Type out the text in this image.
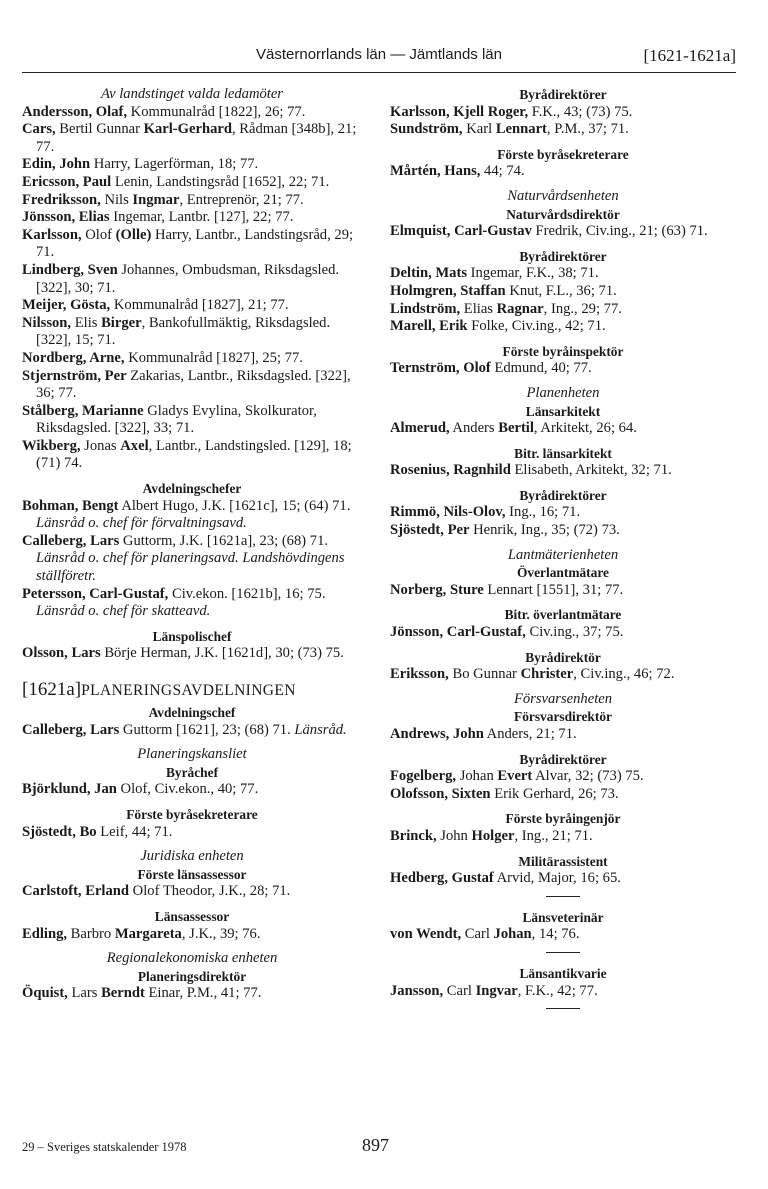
Västernorrlands län — Jämtlands län	[1621-1621a]

Av landstinget valda ledamöter

Andersson, Olaf, Kommunalråd [1822], 26; 77.

Cars, Bertil Gunnar Karl-Gerhard, Rådman [348b], 21; 77.

Edin, John Harry, Lagerförman, 18; 77.

Ericsson, Paul Lenin, Landstingsråd [1652], 22; 71.

Fredriksson, Nils Ingmar, Entreprenör, 21; 77.

Jönsson, Elias Ingemar, Lantbr. [127], 22; 77.

Karlsson, Olof (Olle) Harry, Lantbr., Landstingsråd, 29; 71.

Lindberg, Sven Johannes, Ombudsman, Riksdagsled. [322], 30; 71.

Meijer, Gösta, Kommunalråd [1827], 21; 77.

Nilsson, Elis Birger, Bankofullmäktig, Riksdagsled. [322], 15; 71.

Nordberg, Arne, Kommunalråd [1827], 25; 77.

Stjernström, Per Zakarias, Lantbr., Riksdagsled. [322], 36; 77.

Stålberg, Marianne Gladys Evylina, Skolkurator, Riksdagsled. [322], 33; 71.

Wikberg, Jonas Axel, Lantbr., Landstingsled. [129], 18; (71) 74.

Avdelningschefer

Bohman, Bengt Albert Hugo, J.K. [1621c], 15; (64) 71. Länsråd o. chef för förvaltningsavd.

Calleberg, Lars Guttorm, J.K. [1621a], 23; (68) 71. Länsråd o. chef för planeringsavd. Landshövdingens ställföretr.

Petersson, Carl-Gustaf, Civ.ekon. [1621b], 16; 75. Länsråd o. chef för skatteavd.

Länspolischef

Olsson, Lars Börje Herman, J.K. [1621d], 30; (73) 75.

[1621a]PLANERINGSAVDELNINGEN

Avdelningschef

Calleberg, Lars Guttorm [1621], 23; (68) 71. Länsråd.

Planeringskansliet

Byråchef

Björklund, Jan Olof, Civ.ekon., 40; 77.

Förste byråsekreterare

Sjöstedt, Bo Leif, 44; 71.

Juridiska enheten

Förste länsassessor

Carlstoft, Erland Olof Theodor, J.K., 28; 71.

Länsassessor

Edling, Barbro Margareta, J.K., 39; 76.

Regionalekonomiska enheten

Planeringsdirektör

Öquist, Lars Berndt Einar, P.M., 41; 77.

Byrådirektörer

Karlsson, Kjell Roger, F.K., 43; (73) 75.

Sundström, Karl Lennart, P.M., 37; 71.

Förste byråsekreterare

Mårtén, Hans, 44; 74.

Naturvårdsenheten

Naturvårdsdirektör

Elmquist, Carl-Gustav Fredrik, Civ.ing., 21; (63) 71.

Byrådirektörer

Deltin, Mats Ingemar, F.K., 38; 71.

Holmgren, Staffan Knut, F.L., 36; 71.

Lindström, Elias Ragnar, Ing., 29; 77.

Marell, Erik Folke, Civ.ing., 42; 71.

Förste byråinspektör

Ternström, Olof Edmund, 40; 77.

Planenheten

Länsarkitekt

Almerud, Anders Bertil, Arkitekt, 26; 64.

Bitr. länsarkitekt

Rosenius, Ragnhild Elisabeth, Arkitekt, 32; 71.

Byrådirektörer

Rimmö, Nils-Olov, Ing., 16; 71.

Sjöstedt, Per Henrik, Ing., 35; (72) 73.

Lantmäterienheten

Överlantmätare

Norberg, Sture Lennart [1551], 31; 77.

Bitr. överlantmätare

Jönsson, Carl-Gustaf, Civ.ing., 37; 75.

Byrådirektör

Eriksson, Bo Gunnar Christer, Civ.ing., 46; 72.

Försvarsenheten

Försvarsdirektör

Andrews, John Anders, 21; 71.

Byrådirektörer

Fogelberg, Johan Evert Alvar, 32; (73) 75.

Olofsson, Sixten Erik Gerhard, 26; 73.

Förste byråingenjör

Brinck, John Holger, Ing., 21; 71.

Militärassistent

Hedberg, Gustaf Arvid, Major, 16; 65.

Länsveterinär

von Wendt, Carl Johan, 14; 76.

Länsantikvarie

Jansson, Carl Ingvar, F.K., 42; 77.

29 – Sveriges statskalender 1978	897
